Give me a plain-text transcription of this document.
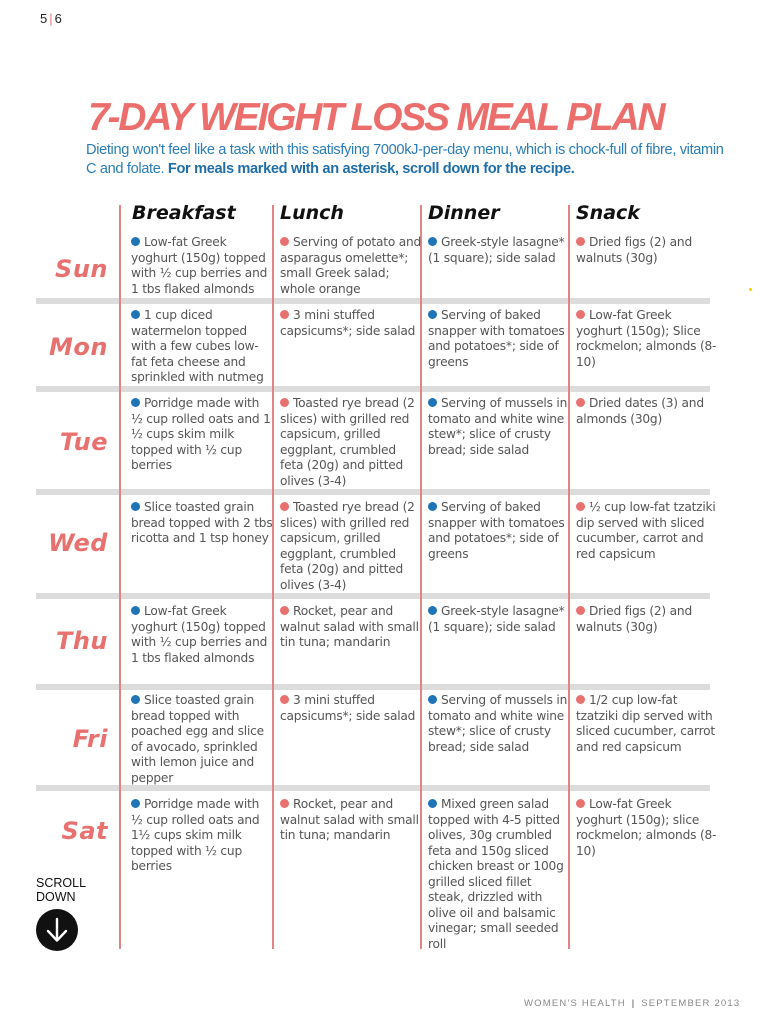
5 | 6
7-DAY WEIGHT LOSS MEAL PLAN
Dieting won't feel like a task with this satisfying 7000kJ-per-day menu, which is chock-full of fibre, vitamin C and folate. For meals marked with an asterisk, scroll down for the recipe.
Breakfast Lunch	Dinner	Snack
Sun
Mon
Tue
Wed
Thu
Fri
Sat
Low-fat Greek yoghurt (150g) topped with ½ cup berries and 1 tbs flaked almonds
Serving of potato and asparagus omelette*; small Greek salad; whole orange
Greek-style lasagne* (1 square); side salad
Dried figs (2) and walnuts (30g)
1 cup diced watermelon topped with a few cubes low-fat feta cheese and sprinkled with nutmeg
3 mini stuffed capsicums*; side salad
Serving of baked snapper with tomatoes and potatoes*; side of greens
Low-fat Greek yoghurt (150g); Slice rockmelon; almonds (8-10)
Porridge made with ½ cup rolled oats and 1 ½ cups skim milk topped with ½ cup berries
Toasted rye bread (2 slices) with grilled red capsicum, grilled eggplant, crumbled feta (20g) and pitted olives (3-4)
Serving of mussels in tomato and white wine stew*; slice of crusty bread; side salad
Dried dates (3) and almonds (30g)
Slice toasted grain bread topped with 2 tbs ricotta and 1 tsp honey
Toasted rye bread (2 slices) with grilled red capsicum, grilled eggplant, crumbled feta (20g) and pitted olives (3-4)
Serving of baked snapper with tomatoes and potatoes*; side of greens
½ cup low-fat tzatziki dip served with sliced cucumber, carrot and red capsicum
Low-fat Greek yoghurt (150g) topped with ½ cup berries and 1 tbs flaked almonds
Rocket, pear and walnut salad with small tin tuna; mandarin
Greek-style lasagne* (1 square); side salad
Dried figs (2) and walnuts (30g)
Slice toasted grain bread topped with poached egg and slice of avocado, sprinkled with lemon juice and pepper
3 mini stuffed capsicums*; side salad
Serving of mussels in tomato and white wine stew*; slice of crusty bread; side salad
1/2 cup low-fat tzatziki dip served with sliced cucumber, carrot and red capsicum
Porridge made with ½ cup rolled oats and 1½ cups skim milk topped with ½ cup berries
Rocket, pear and walnut salad with small tin tuna; mandarin
Mixed green salad topped with 4-5 pitted olives, 30g crumbled feta and 150g sliced chicken breast or 100g grilled sliced fillet steak, drizzled with olive oil and balsamic vinegar; small seeded roll
Low-fat Greek yoghurt (150g); slice rockmelon; almonds (8-10)
SCROLL
DOWN
WOMEN'S HEALTH | SEPTEMBER 2013
